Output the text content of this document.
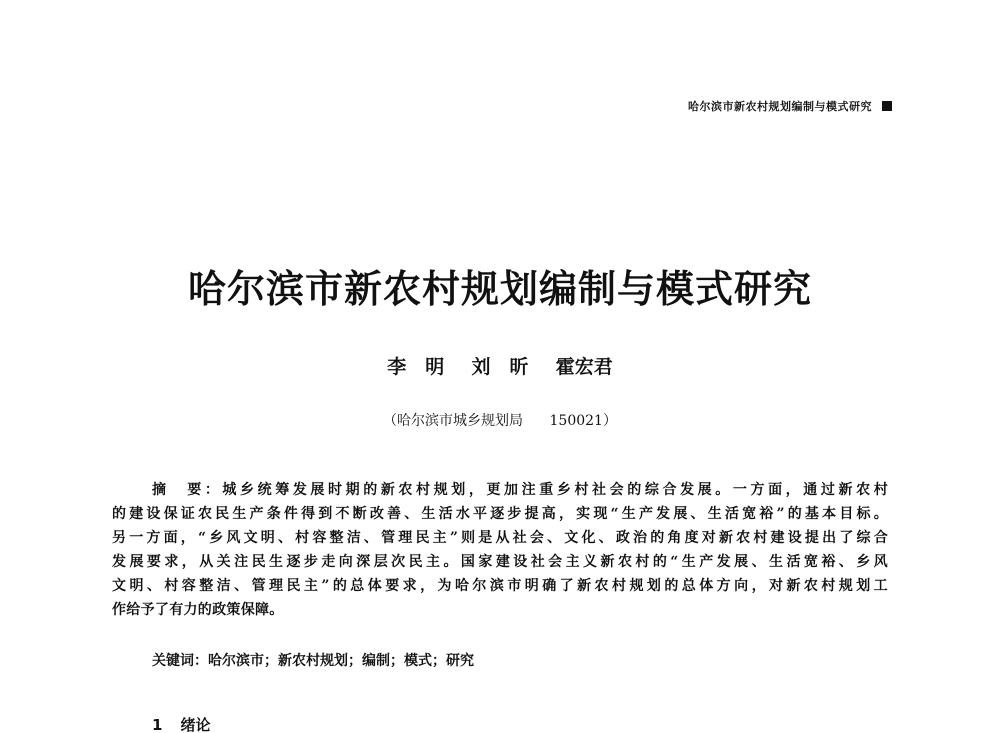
哈尔滨市新农村规划编制与模式研究
哈尔滨市新农村规划编制与模式研究
李　明 刘　昕 霍宏君
（哈尔滨市城乡规划局 150021）
摘　要：城乡统筹发展时期的新农村规划，更加注重乡村社会的综合发展。一方面，通过新农村
的建设保证农民生产条件得到不断改善、生活水平逐步提高，实现“生产发展、生活宽裕”的基本目标。
另一方面，“乡风文明、村容整洁、管理民主”则是从社会、文化、政治的角度对新农村建设提出了综合
发展要求，从关注民生逐步走向深层次民主。国家建设社会主义新农村的“生产发展、生活宽裕、乡风
文明、村容整洁、管理民主”的总体要求，为哈尔滨市明确了新农村规划的总体方向，对新农村规划工
作给予了有力的政策保障。
关键词：哈尔滨市；新农村规划；编制；模式；研究
1 绪论
